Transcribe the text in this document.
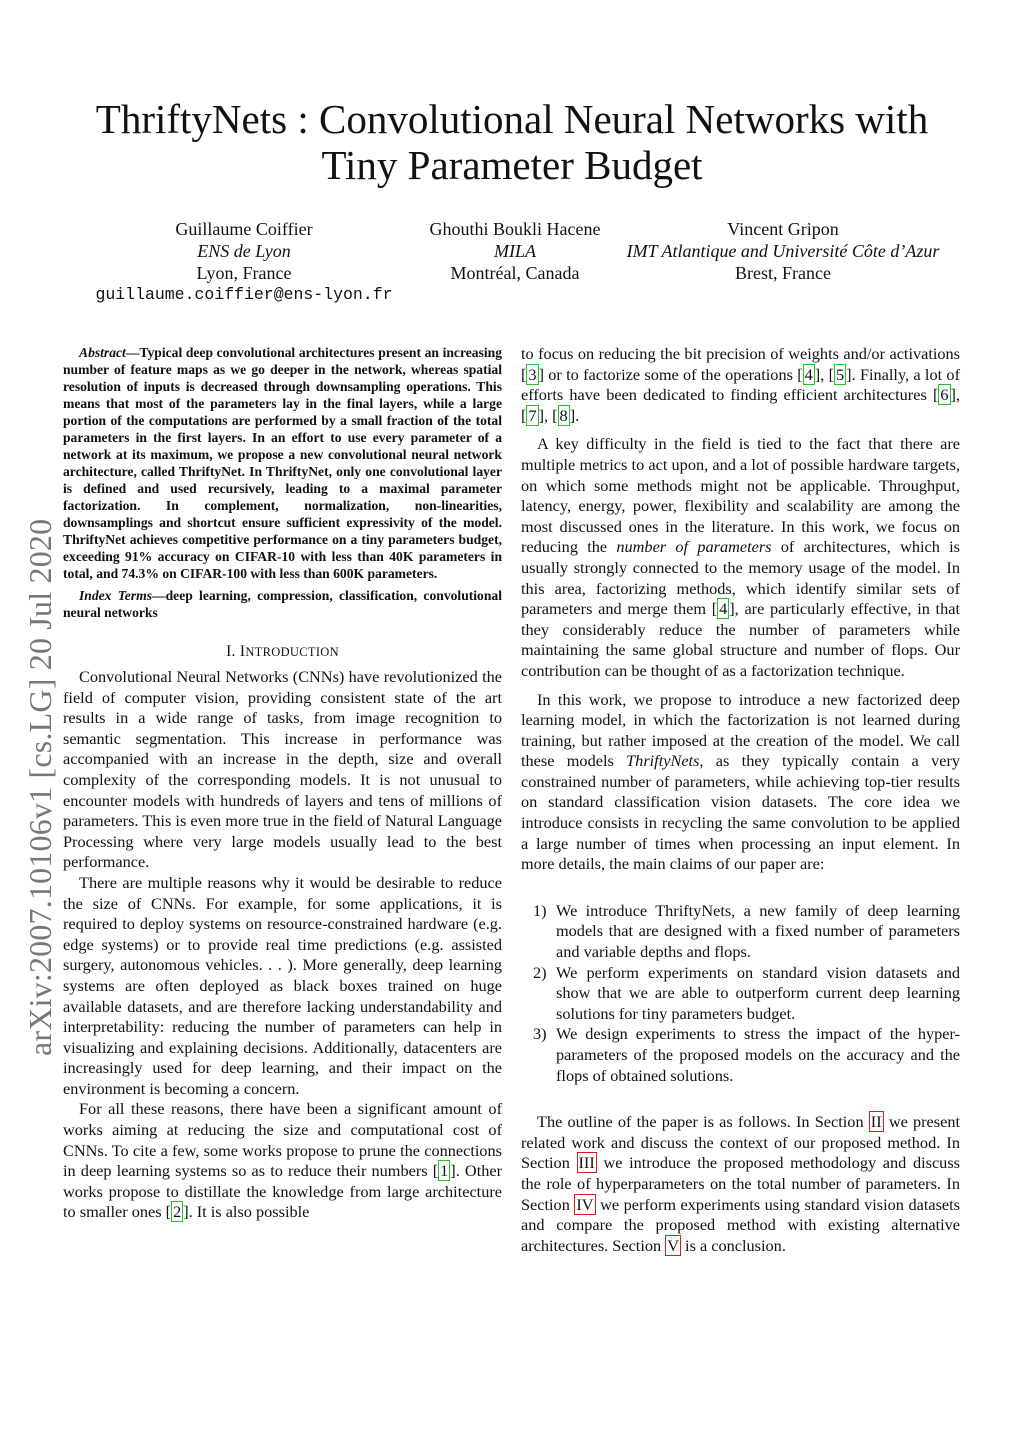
ThriftyNets : Convolutional Neural Networks with
Tiny Parameter Budget
Guillaume Coiffier
ENS de Lyon
Lyon, France
guillaume.coiffier@ens-lyon.fr
Ghouthi Boukli Hacene
MILA
Montréal, Canada
Vincent Gripon
IMT Atlantique and Université Côte d’Azur
Brest, France
arXiv:2007.10106v1 [cs.LG] 20 Jul 2020

Abstract—Typical deep convolutional architectures present an increasing number of feature maps as we go deeper in the network, whereas spatial resolution of inputs is decreased through downsampling operations. This means that most of the parameters lay in the final layers, while a large portion of the computations are performed by a small fraction of the total parameters in the first layers. In an effort to use every parameter of a network at its maximum, we propose a new convolutional neural network architecture, called ThriftyNet. In ThriftyNet, only one convolutional layer is defined and used recursively, leading to a maximal parameter factorization. In complement, normalization, non-linearities, downsamplings and shortcut ensure sufficient expressivity of the model. ThriftyNet achieves competitive performance on a tiny parameters budget, exceeding 91% accuracy on CIFAR-10 with less than 40K parameters in total, and 74.3% on CIFAR-100 with less than 600K parameters.

Index Terms—deep learning, compression, classification, convolutional neural networks

I. INTRODUCTION

Convolutional Neural Networks (CNNs) have revolutionized the field of computer vision, providing consistent state of the art results in a wide range of tasks, from image recognition to semantic segmentation. This increase in performance was accompanied with an increase in the depth, size and overall complexity of the corresponding models. It is not unusual to encounter models with hundreds of layers and tens of millions of parameters. This is even more true in the field of Natural Language Processing where very large models usually lead to the best performance.

There are multiple reasons why it would be desirable to reduce the size of CNNs. For example, for some applications, it is required to deploy systems on resource-constrained hardware (e.g. edge systems) or to provide real time predictions (e.g. assisted surgery, autonomous vehicles. . . ). More generally, deep learning systems are often deployed as black boxes trained on huge available datasets, and are therefore lacking understandability and interpretability: reducing the number of parameters can help in visualizing and explaining decisions. Additionally, datacenters are increasingly used for deep learning, and their impact on the environment is becoming a concern.

For all these reasons, there have been a significant amount of works aiming at reducing the size and computational cost of CNNs. To cite a few, some works propose to prune the connections in deep learning systems so as to reduce their numbers [ 1 ]. Other works propose to distillate the knowledge from large architecture to smaller ones [ 2 ]. It is also possible

to focus on reducing the bit precision of weights and/or activations [ 3 ] or to factorize some of the operations [ 4 ], [ 5 ]. Finally, a lot of efforts have been dedicated to finding efficient architectures [ 6 ], [ 7 ], [ 8 ].

A key difficulty in the field is tied to the fact that there are multiple metrics to act upon, and a lot of possible hardware targets, on which some methods might not be applicable. Throughput, latency, energy, power, flexibility and scalability are among the most discussed ones in the literature. In this work, we focus on reducing the number of parameters of architectures, which is usually strongly connected to the memory usage of the model. In this area, factorizing methods, which identify similar sets of parameters and merge them [ 4 ], are particularly effective, in that they considerably reduce the number of parameters while maintaining the same global structure and number of flops. Our contribution can be thought of as a factorization technique.

In this work, we propose to introduce a new factorized deep learning model, in which the factorization is not learned during training, but rather imposed at the creation of the model. We call these models ThriftyNets, as they typically contain a very constrained number of parameters, while achieving top-tier results on standard classification vision datasets. The core idea we introduce consists in recycling the same convolution to be applied a large number of times when processing an input element. In more details, the main claims of our paper are:

1) We introduce ThriftyNets, a new family of deep learning models that are designed with a fixed number of parameters and variable depths and flops.
2) We perform experiments on standard vision datasets and show that we are able to outperform current deep learning solutions for tiny parameters budget.
3) We design experiments to stress the impact of the hyper-parameters of the proposed models on the accuracy and the flops of obtained solutions.

The outline of the paper is as follows. In Section II we present related work and discuss the context of our proposed method. In Section III we introduce the proposed methodology and discuss the role of hyperparameters on the total number of parameters. In Section IV we perform experiments using standard vision datasets and compare the proposed method with existing alternative architectures. Section V is a conclusion.
